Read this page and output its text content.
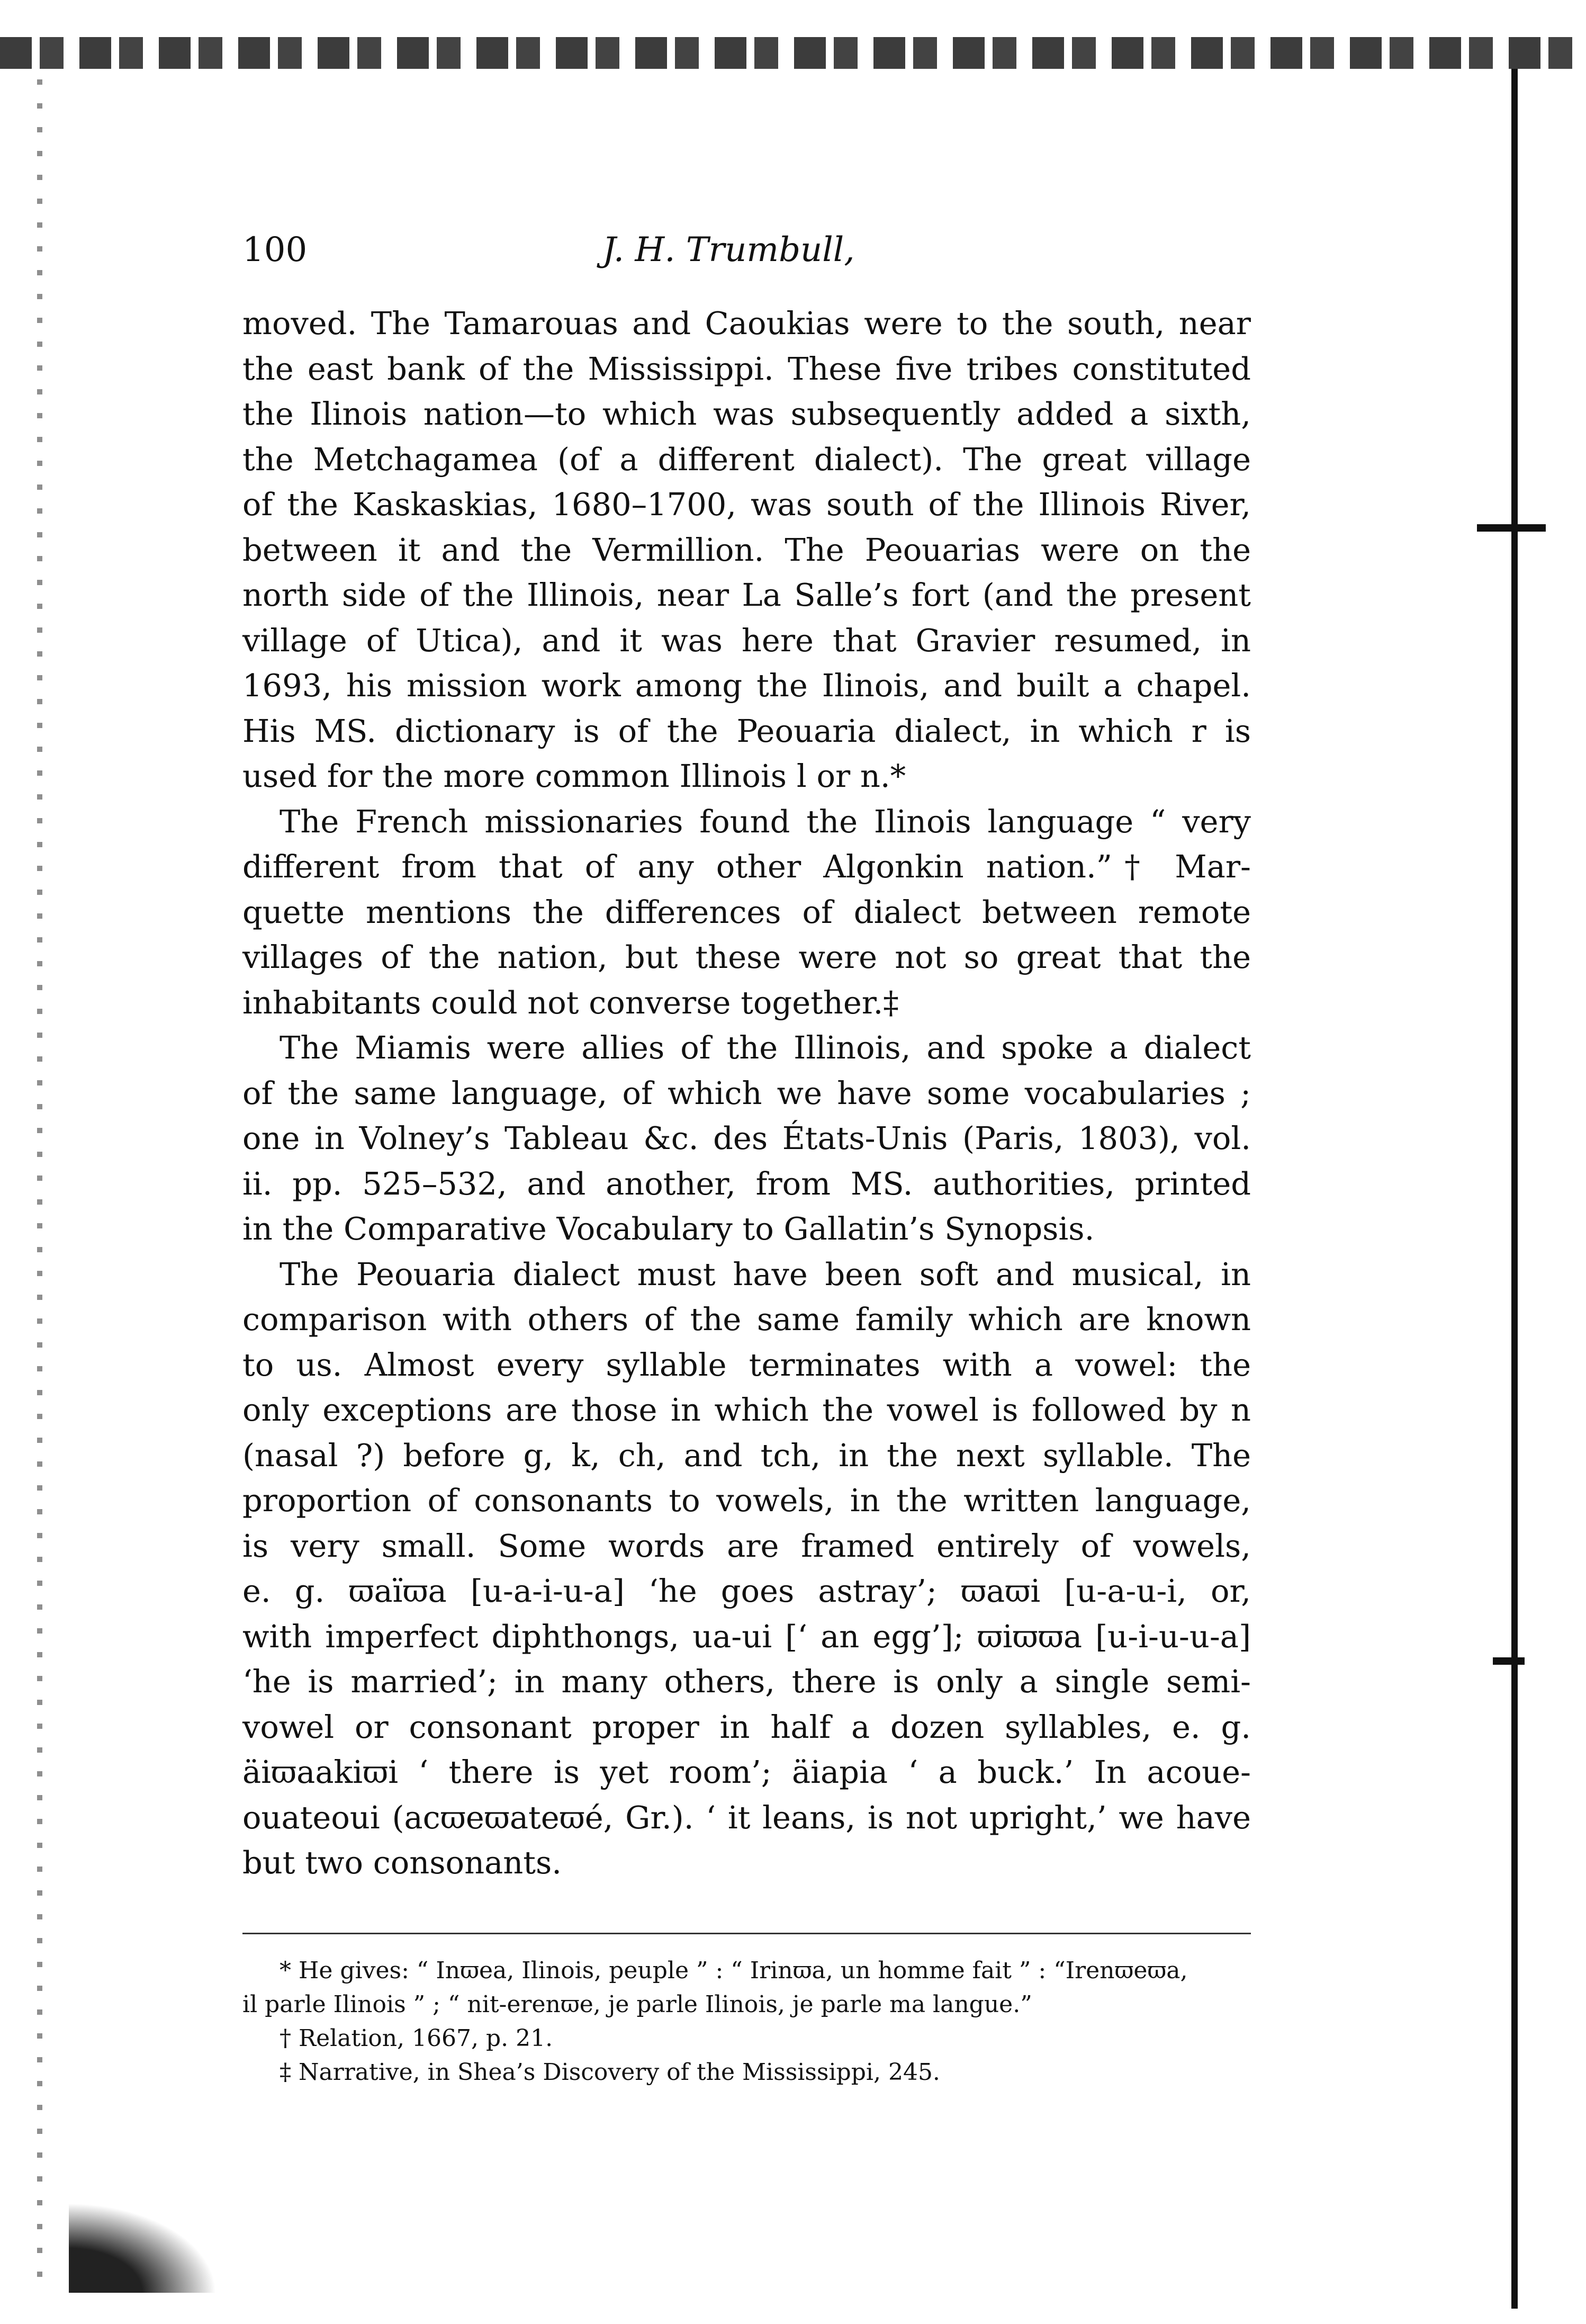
100	J. H. Trumbull,
moved. The Tamarouas and Caoukias were to the south, near
the east bank of the Mississippi. These five tribes constituted
the Ilinois nation—to which was subsequently added a sixth,
the Metchagamea (of a different dialect). The great village
of the Kaskaskias, 1680–1700, was south of the Illinois River,
between it and the Vermillion. The Peouarias were on the
north side of the Illinois, near La Salle’s fort (and the present
village of Utica), and it was here that Gravier resumed, in
1693, his mission work among the Ilinois, and built a chapel.
His MS. dictionary is of the Peouaria dialect, in which r is
used for the more common Illinois l or n.*
The French missionaries found the Ilinois language “ very
different from that of any other Algonkin nation.”† Mar-
quette mentions the differences of dialect between remote
villages of the nation, but these were not so great that the
inhabitants could not converse together.‡
The Miamis were allies of the Illinois, and spoke a dialect
of the same language, of which we have some vocabularies ;
one in Volney’s Tableau &c. des États-Unis (Paris, 1803), vol.
ii. pp. 525–532, and another, from MS. authorities, printed
in the Comparative Vocabulary to Gallatin’s Synopsis.
The Peouaria dialect must have been soft and musical, in
comparison with others of the same family which are known
to us. Almost every syllable terminates with a vowel: the
only exceptions are those in which the vowel is followed by n
(nasal ?) before g, k, ch, and tch, in the next syllable. The
proportion of consonants to vowels, in the written language,
is very small. Some words are framed entirely of vowels,
e. g. ϖaïϖa [u-a-i-u-a] ‘he goes astray’; ϖaϖi [u-a-u-i, or,
with imperfect diphthongs, ua-ui [‘ an egg’]; ϖiϖϖa [u-i-u-u-a]
‘he is married’; in many others, there is only a single semi-
vowel or consonant proper in half a dozen syllables, e. g.
äiϖaakiϖi ‘ there is yet room’; äiapia ‘ a buck.’ In acoue-
ouateoui (acϖeϖateϖé, Gr.). ‘ it leans, is not upright,’ we have
but two consonants.
* He gives: “ Inϖea, Ilinois, peuple ” : “ Irinϖa, un homme fait ” : “Irenϖeϖa,
il parle Ilinois ” ; “ nit-erenϖe, je parle Ilinois, je parle ma langue.”
† Relation, 1667, p. 21.
‡ Narrative, in Shea’s Discovery of the Mississippi, 245.
